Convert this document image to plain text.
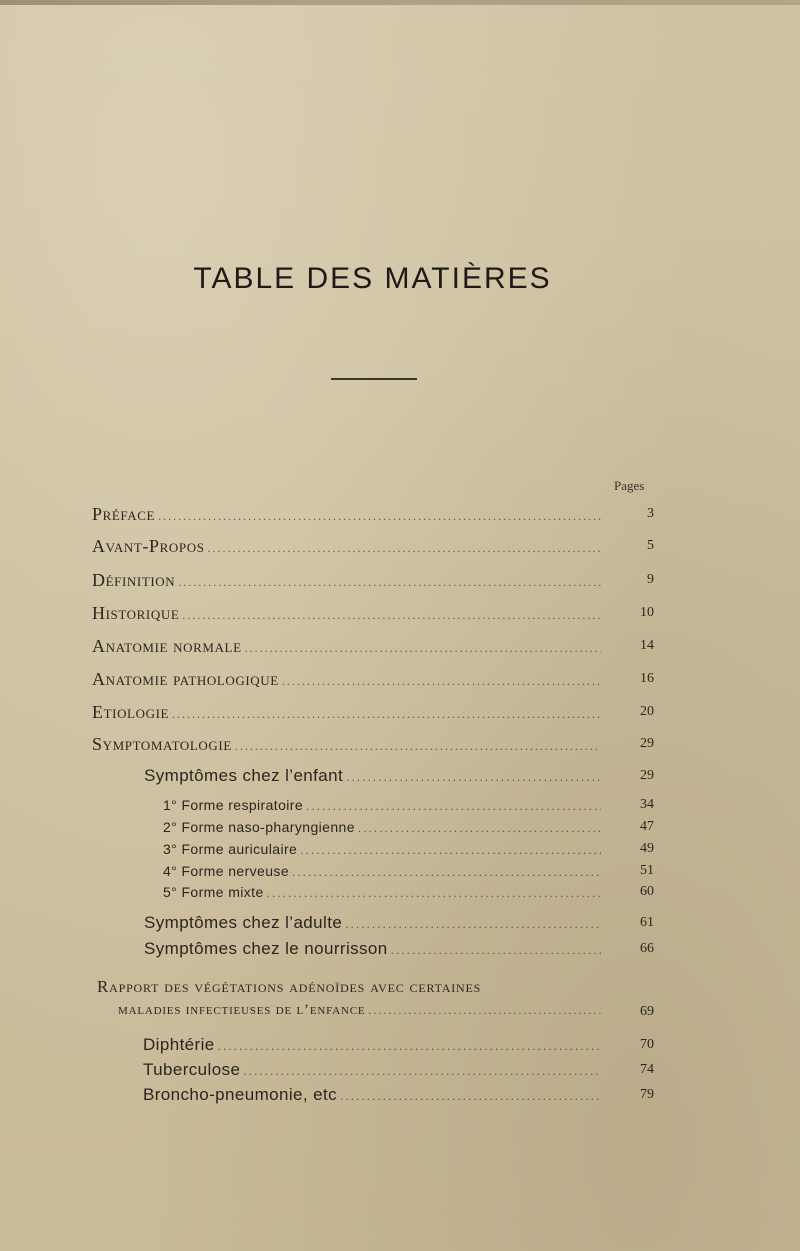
TABLE DES MATIÈRES
Pages
Préface .....	3
Avant-Propos .....	5
Définition .....	9
Historique .....	10
Anatomie normale .....	14
Anatomie pathologique .....	16
Etiologie .....	20
Symptomatologie .....	29
Symptômes chez l’enfant .....	29
1° Forme respiratoire .....	34
2° Forme naso-pharyngienne .....	47
3° Forme auriculaire .....	49
4° Forme nerveuse .....	51
5° Forme mixte .....	60
Symptômes chez l’adulte .....	61
Symptômes chez le nourrisson .....	66
Rapport des végétations adénoïdes avec certaines
maladies infectieuses de l’enfance .....	69
Diphtérie .....	70
Tuberculose .....	74
Broncho-pneumonie, etc .....	79
